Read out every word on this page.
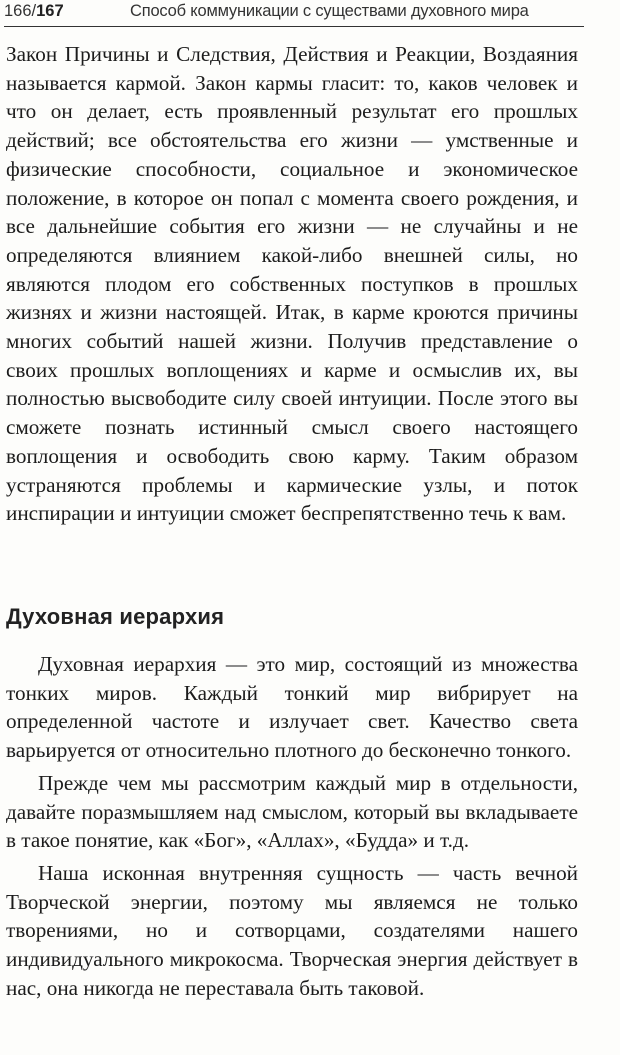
166/167	Способ коммуникации с существами духовного мира

Закон Причины и Следствия, Действия и Реакции, Воздаяния называется кармой. Закон кармы гласит: то, каков человек и что он делает, есть проявленный результат его прошлых действий; все обстоятельства его жизни — умственные и физические способности, социальное и экономическое положение, в которое он попал с момента своего рождения, и все дальнейшие события его жизни — не случайны и не определяются влиянием какой-либо внешней силы, но являются плодом его собственных поступков в прошлых жизнях и жизни настоящей. Итак, в карме кроются причины многих событий нашей жизни. Получив представление о своих прошлых воплощениях и карме и осмыслив их, вы полностью высвободите силу своей интуиции. После этого вы сможете познать истинный смысл своего настоящего воплощения и освободить свою карму. Таким образом устраняются проблемы и кармические узлы, и поток инспирации и интуиции сможет беспрепятственно течь к вам.

Духовная иерархия

Духовная иерархия — это мир, состоящий из множества тонких миров. Каждый тонкий мир вибрирует на определенной частоте и излучает свет. Качество света варьируется от относительно плотного до бесконечно тонкого.

Прежде чем мы рассмотрим каждый мир в отдельности, давайте поразмышляем над смыслом, который вы вкладываете в такое понятие, как «Бог», «Аллах», «Будда» и т.д.

Наша исконная внутренняя сущность — часть вечной Творческой энергии, поэтому мы являемся не только творениями, но и сотворцами, создателями нашего индивидуального микрокосма. Творческая энергия действует в нас, она никогда не переставала быть таковой.
